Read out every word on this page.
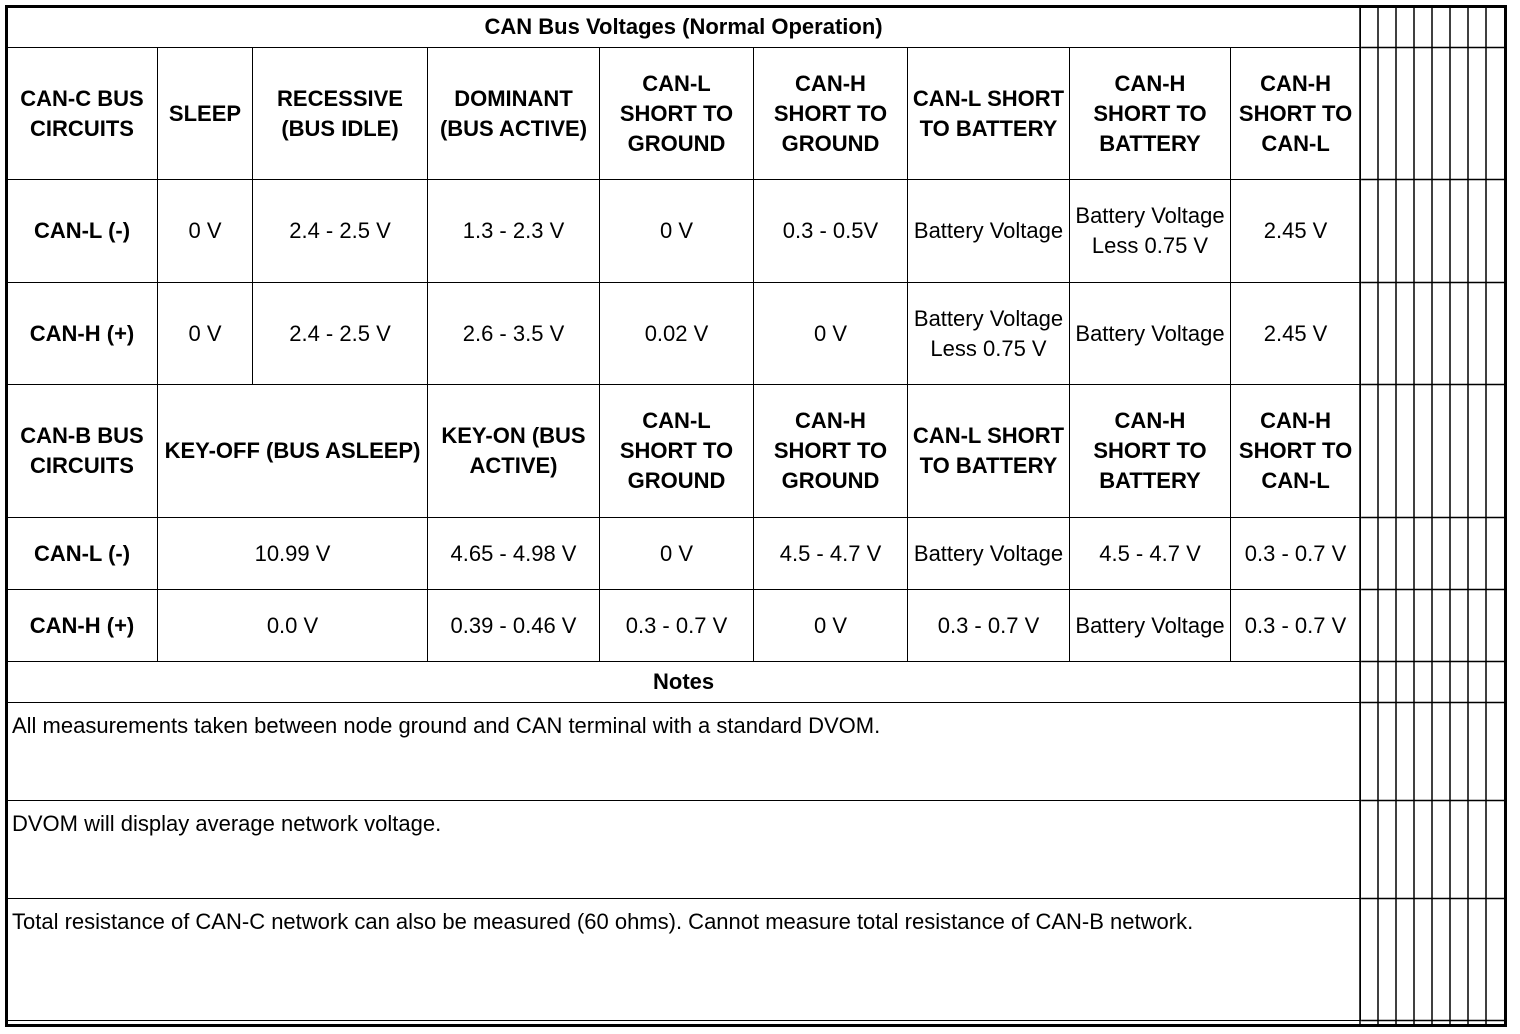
CAN Bus Voltages (Normal Operation)								
CAN-C BUS CIRCUITS	SLEEP	RECESSIVE (BUS IDLE)	DOMINANT (BUS ACTIVE)	CAN-L SHORT TO GROUND	CAN-H SHORT TO GROUND	CAN-L SHORT TO BATTERY	CAN-H SHORT TO BATTERY	CAN-H SHORT TO CAN-L
CAN-L (-)	0 V	2.4 - 2.5 V	1.3 - 2.3 V	0 V	0.3 - 0.5V	Battery Voltage	Battery Voltage Less 0.75 V	2.45 V
CAN-H (+)	0 V	2.4 - 2.5 V	2.6 - 3.5 V	0.02 V	0 V	Battery Voltage Less 0.75 V	Battery Voltage	2.45 V
CAN-B BUS CIRCUITS	KEY-OFF (BUS ASLEEP)		KEY-ON (BUS ACTIVE)	CAN-L SHORT TO GROUND	CAN-H SHORT TO GROUND	CAN-L SHORT TO BATTERY	CAN-H SHORT TO BATTERY	CAN-H SHORT TO CAN-L
CAN-L (-)	10.99 V		4.65 - 4.98 V	0 V	4.5 - 4.7 V	Battery Voltage	4.5 - 4.7 V	0.3 - 0.7 V
CAN-H (+)	0.0 V		0.39 - 0.46 V	0.3 - 0.7 V	0 V	0.3 - 0.7 V	Battery Voltage	0.3 - 0.7 V
Notes								
All measurements taken between node ground and CAN terminal with a standard DVOM.								
DVOM will display average network voltage.								
Total resistance of CAN-C network can also be measured (60 ohms). Cannot measure total resistance of CAN-B network.								
